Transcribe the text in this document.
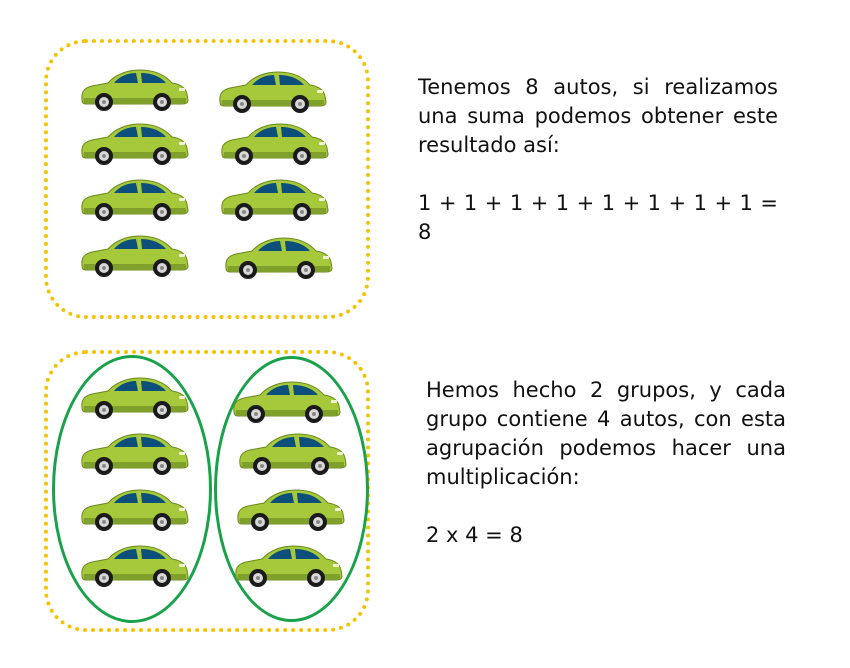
Tenemos 8 autos, si realizamos una suma podemos obtener este resultado así:
1 + 1 + 1 + 1 + 1 + 1 + 1 + 1 = 8
Hemos hecho 2 grupos, y cada grupo contiene 4 autos, con esta agrupación podemos hacer una multiplicación:
2 x 4 = 8
